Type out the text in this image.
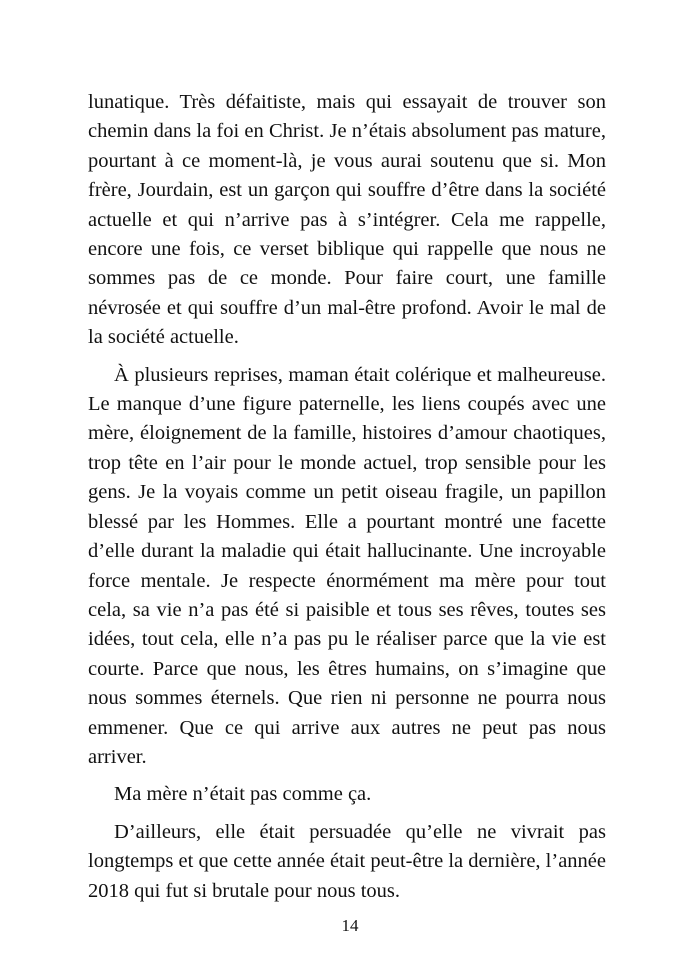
lunatique. Très défaitiste, mais qui essayait de trouver son chemin dans la foi en Christ. Je n’étais absolument pas mature, pourtant à ce moment-là, je vous aurai soutenu que si. Mon frère, Jourdain, est un garçon qui souffre d’être dans la société actuelle et qui n’arrive pas à s’intégrer. Cela me rappelle, encore une fois, ce verset biblique qui rappelle que nous ne sommes pas de ce monde. Pour faire court, une famille névrosée et qui souffre d’un mal-être profond. Avoir le mal de la société actuelle.

À plusieurs reprises, maman était colérique et malheureuse. Le manque d’une figure paternelle, les liens coupés avec une mère, éloignement de la famille, histoires d’amour chaotiques, trop tête en l’air pour le monde actuel, trop sensible pour les gens. Je la voyais comme un petit oiseau fragile, un papillon blessé par les Hommes. Elle a pourtant montré une facette d’elle durant la maladie qui était hallucinante. Une incroyable force mentale. Je respecte énormément ma mère pour tout cela, sa vie n’a pas été si paisible et tous ses rêves, toutes ses idées, tout cela, elle n’a pas pu le réaliser parce que la vie est courte. Parce que nous, les êtres humains, on s’imagine que nous sommes éternels. Que rien ni personne ne pourra nous emmener. Que ce qui arrive aux autres ne peut pas nous arriver.

Ma mère n’était pas comme ça.

D’ailleurs, elle était persuadée qu’elle ne vivrait pas longtemps et que cette année était peut-être la dernière, l’année 2018 qui fut si brutale pour nous tous.

14
